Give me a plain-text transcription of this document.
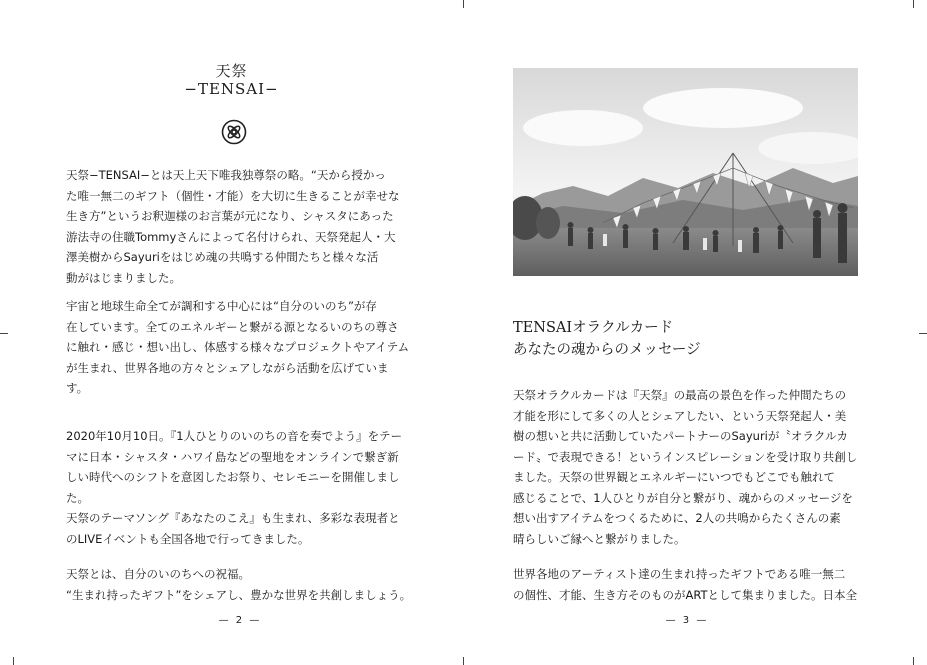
天祭
−TENSAI−
天祭−TENSAI−とは天上天下唯我独尊祭の略。“天から授かっ
た唯一無二のギフト（個性・才能）を大切に生きることが幸せな
生き方”というお釈迦様のお言葉が元になり、シャスタにあった
游法寺の住職Tommyさんによって名付けられ、天祭発起人・大
澤美樹からSayuriをはじめ魂の共鳴する仲間たちと様々な活
動がはじまりました。
宇宙と地球生命全てが調和する中心には“自分のいのち”が存
在しています。全てのエネルギーと繋がる源となるいのちの尊さ
に触れ・感じ・想い出し、体感する様々なプロジェクトやアイテム
が生まれ、世界各地の方々とシェアしながら活動を広げていま
す。
2020年10月10日。『1人ひとりのいのちの音を奏でよう』をテー
マに日本・シャスタ・ハワイ島などの聖地をオンラインで繋ぎ新
しい時代へのシフトを意図したお祭り、セレモニーを開催しまし
た。
天祭のテーマソング『あなたのこえ』も生まれ、多彩な表現者と
のLIVEイベントも全国各地で行ってきました。
天祭とは、自分のいのちへの祝福。
“生まれ持ったギフト”をシェアし、豊かな世界を共創しましょう。
— 2 —
TENSAIオラクルカード
あなたの魂からのメッセージ
天祭オラクルカードは『天祭』の最高の景色を作った仲間たちの
才能を形にして多くの人とシェアしたい、という天祭発起人・美
樹の想いと共に活動していたパートナーのSayuriが〝オラクルカ
ード〟で表現できる！というインスピレーションを受け取り共創し
ました。天祭の世界観とエネルギーにいつでもどこでも触れて
感じることで、1人ひとりが自分と繋がり、魂からのメッセージを
想い出すアイテムをつくるために、2人の共鳴からたくさんの素
晴らしいご縁へと繋がりました。
世界各地のアーティスト達の生まれ持ったギフトである唯一無二
の個性、才能、生き方そのものがARTとして集まりました。日本全
— 3 —
